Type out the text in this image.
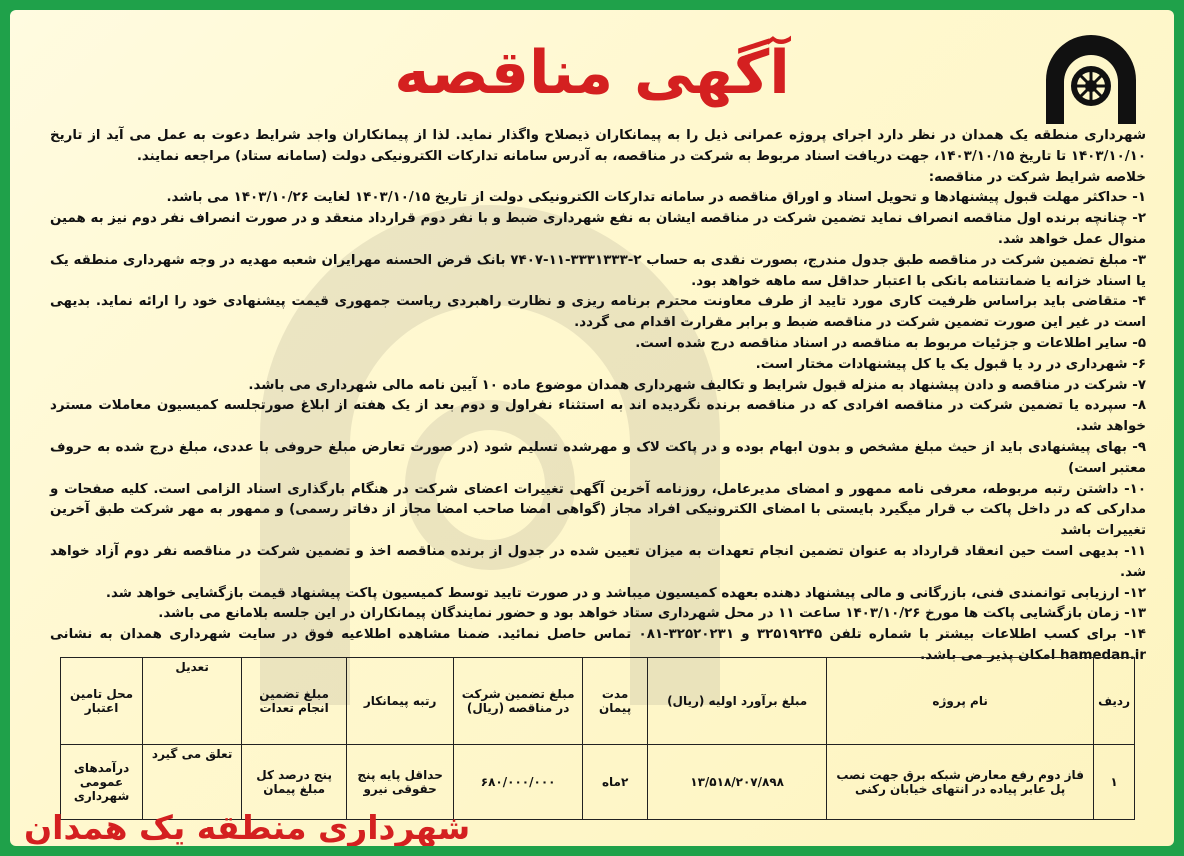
آگهی مناقصه

شهرداری منطقه یک همدان در نظر دارد اجرای پروژه عمرانی ذیل را به پیمانکاران ذیصلاح واگذار نماید. لذا از پیمانکاران واجد شرایط دعوت به عمل می آید از تاریخ ۱۴۰۳/۱۰/۱۰ تا تاریخ ۱۴۰۳/۱۰/۱۵، جهت دریافت اسناد مربوط به شرکت در مناقصه، به آدرس سامانه تدارکات الکترونیکی دولت (سامانه ستاد) مراجعه نمایند.

خلاصه شرایط شرکت در مناقصه:

۱- حداکثر مهلت قبول پیشنهادها و تحویل اسناد و اوراق مناقصه در سامانه تدارکات الکترونیکی دولت از تاریخ ۱۴۰۳/۱۰/۱۵ لغایت ۱۴۰۳/۱۰/۲۶ می باشد.

۲- چنانچه برنده اول مناقصه انصراف نماید تضمین شرکت در مناقصه ایشان به نفع شهرداری ضبط و با نفر دوم قرارداد منعقد و در صورت انصراف نفر دوم نیز به همین منوال عمل خواهد شد.

۳- مبلغ تضمین شرکت در مناقصه طبق جدول مندرج، بصورت نقدی به حساب ۲-۳۳۳۱۳۳۳-۱۱-۷۴۰۷ بانک قرض الحسنه مهرایران شعبه مهدیه در وجه شهرداری منطقه یک یا اسناد خزانه یا ضمانتنامه بانکی با اعتبار حداقل سه ماهه خواهد بود.

۴- متقاضی باید براساس ظرفیت کاری مورد تایید از طرف معاونت محترم برنامه ریزی و نظارت راهبردی ریاست جمهوری قیمت پیشنهادی خود را ارائه نماید. بدیهی است در غیر این صورت تضمین شرکت در مناقصه ضبط و برابر مقرارت اقدام می گردد.

۵- سایر اطلاعات و جزئیات مربوط به مناقصه در اسناد مناقصه درج شده است.

۶- شهرداری در رد یا قبول یک یا کل پیشنهادات مختار است.

۷- شرکت در مناقصه و دادن پیشنهاد به منزله قبول شرایط و تکالیف شهرداری همدان موضوع ماده ۱۰ آیین نامه مالی شهرداری می باشد.

۸- سپرده یا تضمین شرکت در مناقصه افرادی که در مناقصه برنده نگردیده اند به استثناء نفراول و دوم بعد از یک هفته از ابلاغ صورتجلسه کمیسیون معاملات مسترد خواهد شد.

۹- بهای پیشنهادی باید از حیث مبلغ مشخص و بدون ابهام بوده و در پاکت لاک و مهرشده تسلیم شود (در صورت تعارض مبلغ حروفی با عددی، مبلغ درج شده به حروف معتبر است)

۱۰- داشتن رتبه مربوطه، معرفی نامه ممهور و امضای مدیرعامل، روزنامه آخرین آگهی تغییرات اعضای شرکت در هنگام بارگذاری اسناد الزامی است. کلیه صفحات و مدارکی که در داخل پاکت ب قرار میگیرد بایستی با امضای الکترونیکی افراد مجاز (گواهی امضا صاحب امضا مجاز از دفاتر رسمی) و ممهور به مهر شرکت طبق آخرین تغییرات باشد

۱۱- بدیهی است حین انعقاد قرارداد به عنوان تضمین انجام تعهدات به میزان تعیین شده در جدول از برنده مناقصه اخذ و تضمین شرکت در مناقصه نفر دوم آزاد خواهد شد.

۱۲- ارزیابی توانمندی فنی، بازرگانی و مالی پیشنهاد دهنده بعهده کمیسیون میباشد و در صورت تایید توسط کمیسیون پاکت پیشنهاد قیمت بازگشایی خواهد شد.

۱۳- زمان بازگشایی پاکت ها مورخ ۱۴۰۳/۱۰/۲۶ ساعت ۱۱ در محل شهرداری ستاد خواهد بود و حضور نمایندگان پیمانکاران در این جلسه بلامانع می باشد.

۱۴- برای کسب اطلاعات بیشتر با شماره تلفن ۳۲۵۱۹۲۴۵ و ۳۲۵۲۰۲۳۱-۰۸۱ تماس حاصل نمائید. ضمنا مشاهده اطلاعیه فوق در سایت شهرداری همدان به نشانی hamedan.ir امکان پذیر می باشد.

ردیف	نام پروژه	مبلغ برآورد اولیه (ریال)	مدت پیمان	مبلغ تضمین شرکت در مناقصه (ریال)	رتبه پیمانکار	مبلغ تضمین انجام تعدات	تعدیل	محل تامین اعتبار
۱	فاز دوم رفع معارض شبکه برق جهت نصب پل عابر پیاده در انتهای خیابان رکنی	۱۳/۵۱۸/۲۰۷/۸۹۸	۲ماه	۶۸۰/۰۰۰/۰۰۰	حداقل پایه پنج حقوقی نیرو	پنج درصد کل مبلغ پیمان	تعلق می گیرد	درآمدهای عمومی شهرداری
شهرداری منطقه یک همدان
